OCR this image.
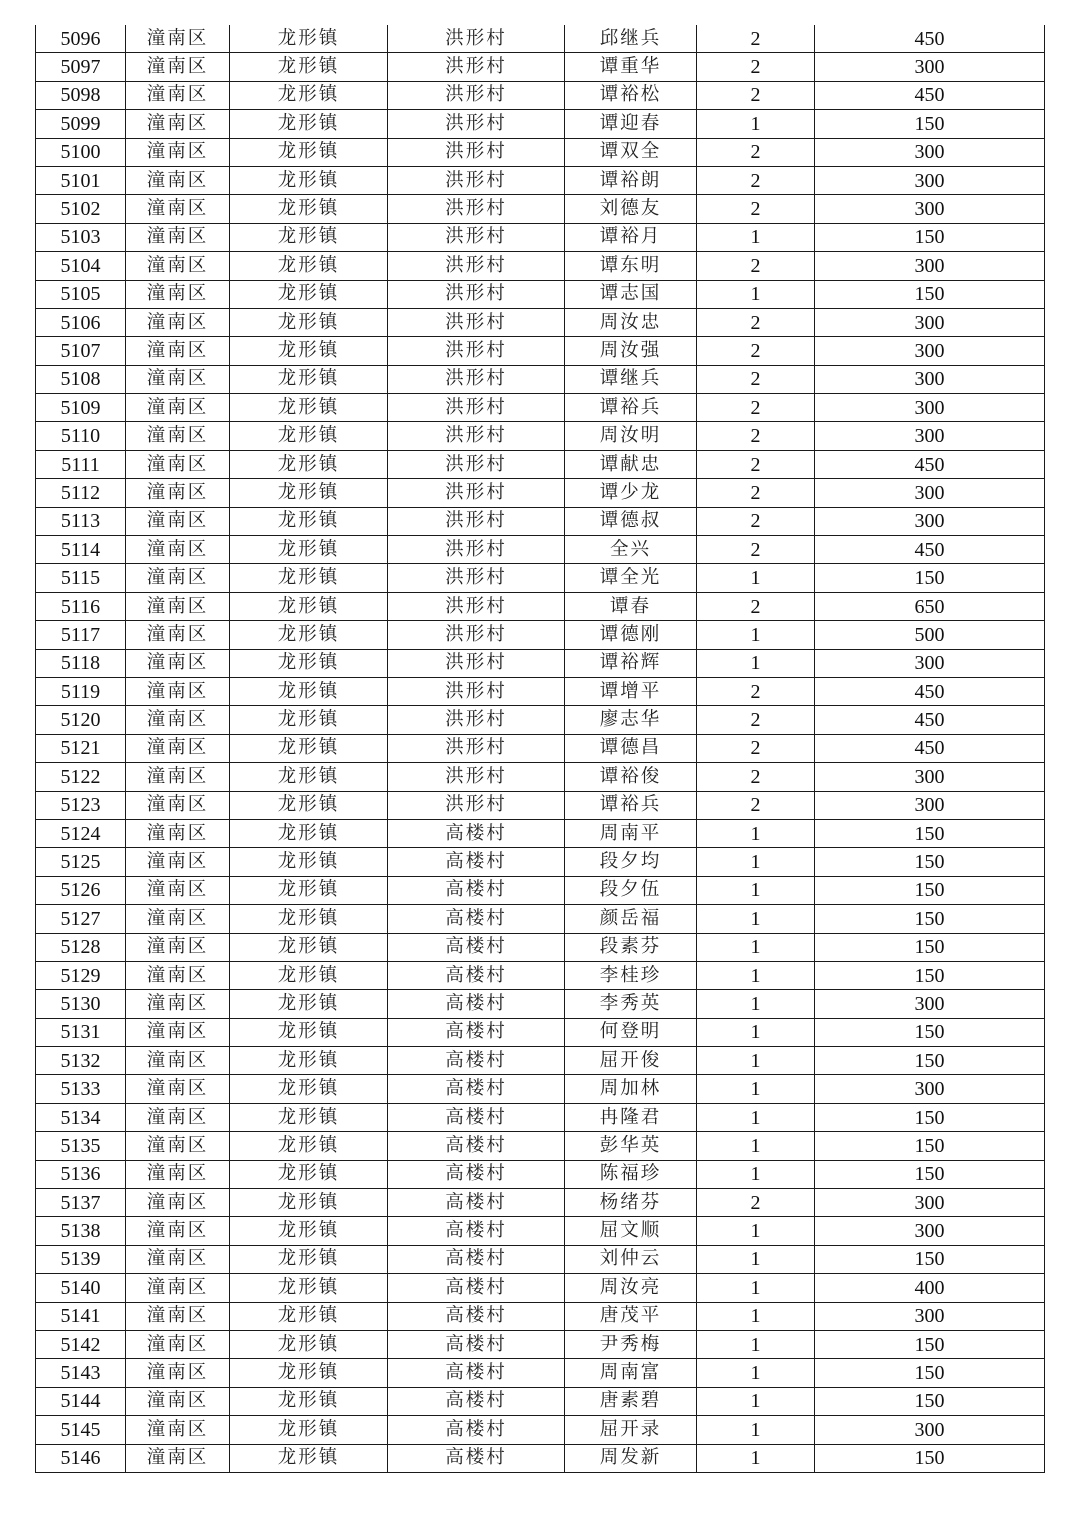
5096	潼南区	龙形镇	洪形村	邱继兵	2	450
5097	潼南区	龙形镇	洪形村	谭重华	2	300
5098	潼南区	龙形镇	洪形村	谭裕松	2	450
5099	潼南区	龙形镇	洪形村	谭迎春	1	150
5100	潼南区	龙形镇	洪形村	谭双全	2	300
5101	潼南区	龙形镇	洪形村	谭裕朗	2	300
5102	潼南区	龙形镇	洪形村	刘德友	2	300
5103	潼南区	龙形镇	洪形村	谭裕月	1	150
5104	潼南区	龙形镇	洪形村	谭东明	2	300
5105	潼南区	龙形镇	洪形村	谭志国	1	150
5106	潼南区	龙形镇	洪形村	周汝忠	2	300
5107	潼南区	龙形镇	洪形村	周汝强	2	300
5108	潼南区	龙形镇	洪形村	谭继兵	2	300
5109	潼南区	龙形镇	洪形村	谭裕兵	2	300
5110	潼南区	龙形镇	洪形村	周汝明	2	300
5111	潼南区	龙形镇	洪形村	谭献忠	2	450
5112	潼南区	龙形镇	洪形村	谭少龙	2	300
5113	潼南区	龙形镇	洪形村	谭德叔	2	300
5114	潼南区	龙形镇	洪形村	全兴	2	450
5115	潼南区	龙形镇	洪形村	谭全光	1	150
5116	潼南区	龙形镇	洪形村	谭春	2	650
5117	潼南区	龙形镇	洪形村	谭德刚	1	500
5118	潼南区	龙形镇	洪形村	谭裕辉	1	300
5119	潼南区	龙形镇	洪形村	谭增平	2	450
5120	潼南区	龙形镇	洪形村	廖志华	2	450
5121	潼南区	龙形镇	洪形村	谭德昌	2	450
5122	潼南区	龙形镇	洪形村	谭裕俊	2	300
5123	潼南区	龙形镇	洪形村	谭裕兵	2	300
5124	潼南区	龙形镇	高楼村	周南平	1	150
5125	潼南区	龙形镇	高楼村	段夕均	1	150
5126	潼南区	龙形镇	高楼村	段夕伍	1	150
5127	潼南区	龙形镇	高楼村	颜岳福	1	150
5128	潼南区	龙形镇	高楼村	段素芬	1	150
5129	潼南区	龙形镇	高楼村	李桂珍	1	150
5130	潼南区	龙形镇	高楼村	李秀英	1	300
5131	潼南区	龙形镇	高楼村	何登明	1	150
5132	潼南区	龙形镇	高楼村	屈开俊	1	150
5133	潼南区	龙形镇	高楼村	周加林	1	300
5134	潼南区	龙形镇	高楼村	冉隆君	1	150
5135	潼南区	龙形镇	高楼村	彭华英	1	150
5136	潼南区	龙形镇	高楼村	陈福珍	1	150
5137	潼南区	龙形镇	高楼村	杨绪芬	2	300
5138	潼南区	龙形镇	高楼村	屈文顺	1	300
5139	潼南区	龙形镇	高楼村	刘仲云	1	150
5140	潼南区	龙形镇	高楼村	周汝亮	1	400
5141	潼南区	龙形镇	高楼村	唐茂平	1	300
5142	潼南区	龙形镇	高楼村	尹秀梅	1	150
5143	潼南区	龙形镇	高楼村	周南富	1	150
5144	潼南区	龙形镇	高楼村	唐素碧	1	150
5145	潼南区	龙形镇	高楼村	屈开录	1	300
5146	潼南区	龙形镇	高楼村	周发新	1	150
